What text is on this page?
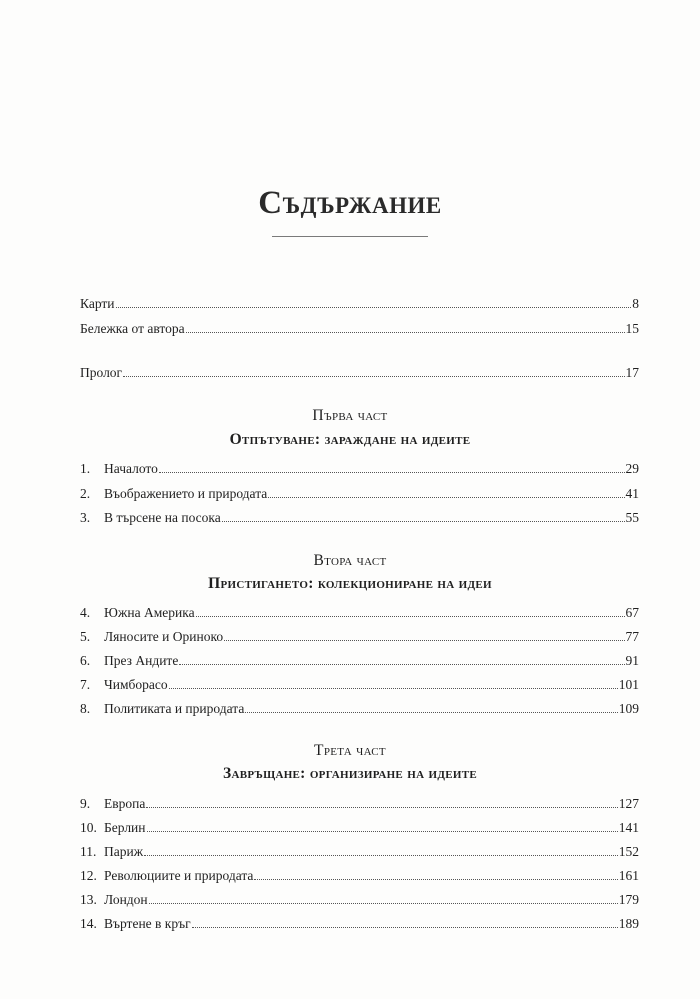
Съдържание
Карти	8
Бележка от автора	15
Пролог	17
Първа част
Отпътуване: зараждане на идеите
1.	Началото	29
2.	Въображението и природата	41
3.	В търсене на посока	55
Втора част
Пристигането: колекциониране на идеи
4.	Южна Америка	67
5.	Ляносите и Ориноко	77
6.	През Андите	91
7.	Чимборасо	101
8.	Политиката и природата	109
Трета част
Завръщане: организиране на идеите
9.	Европа	127
10. Берлин	141
11. Париж	152
12. Революциите и природата	161
13. Лондон	179
14. Въртене в кръг	189
